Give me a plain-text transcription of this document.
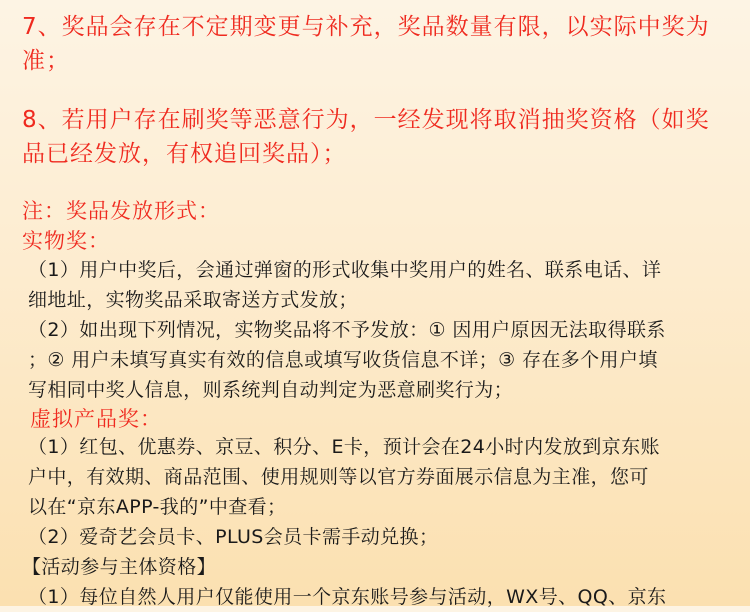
7、奖品会存在不定期变更与补充，奖品数量有限，以实际中奖为
准；
8、若用户存在刷奖等恶意行为，一经发现将取消抽奖资格（如奖
品已经发放，有权追回奖品）；
注：奖品发放形式：
实物奖：
（1）用户中奖后，会通过弹窗的形式收集中奖用户的姓名、联系电话、详
细地址，实物奖品采取寄送方式发放；
（2）如出现下列情况，实物奖品将不予发放：① 因用户原因无法取得联系
；② 用户未填写真实有效的信息或填写收货信息不详；③ 存在多个用户填
写相同中奖人信息，则系统判自动判定为恶意刷奖行为；
虚拟产品奖：
（1）红包、优惠券、京豆、积分、E卡，预计会在24小时内发放到京东账
户中，有效期、商品范围、使用规则等以官方券面展示信息为主准，您可
以在“京东APP-我的”中查看；
（2）爱奇艺会员卡、PLUS会员卡需手动兑换；
【活动参与主体资格】
（1）每位自然人用户仅能使用一个京东账号参与活动，WX号、QQ、京东
